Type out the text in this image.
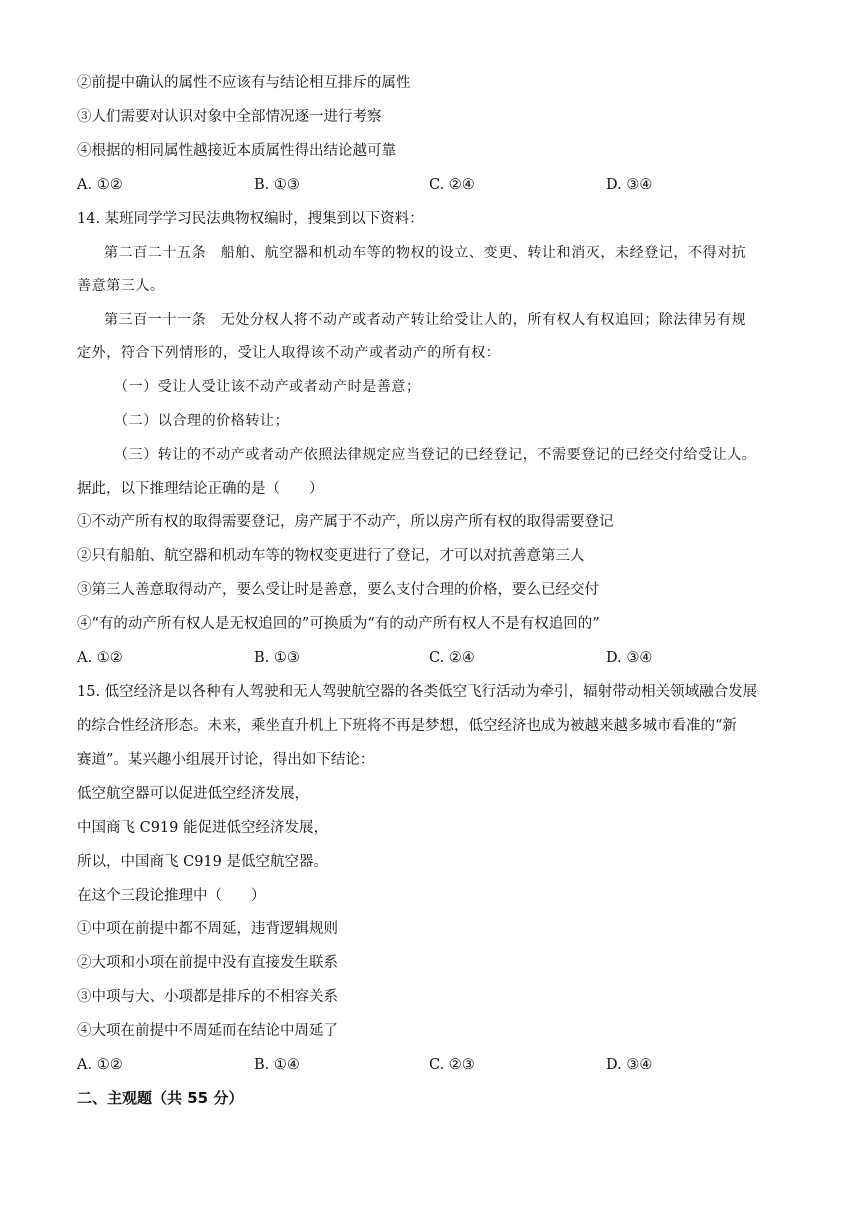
②前提中确认的属性不应该有与结论相互排斥的属性
③人们需要对认识对象中全部情况逐一进行考察
④根据的相同属性越接近本质属性得出结论越可靠
A. ①②	B. ①③	C. ②④	D. ③④
14. 某班同学学习民法典物权编时，搜集到以下资料：
第二百二十五条　船舶、航空器和机动车等的物权的设立、变更、转让和消灭，未经登记，不得对抗
善意第三人。
第三百一十一条　无处分权人将不动产或者动产转让给受让人的，所有权人有权追回；除法律另有规
定外，符合下列情形的，受让人取得该不动产或者动产的所有权：
（一）受让人受让该不动产或者动产时是善意；
（二）以合理的价格转让；
（三）转让的不动产或者动产依照法律规定应当登记的已经登记，不需要登记的已经交付给受让人。
据此，以下推理结论正确的是（　　）
①不动产所有权的取得需要登记，房产属于不动产，所以房产所有权的取得需要登记
②只有船舶、航空器和机动车等的物权变更进行了登记，才可以对抗善意第三人
③第三人善意取得动产，要么受让时是善意，要么支付合理的价格，要么已经交付
④“有的动产所有权人是无权追回的”可换质为“有的动产所有权人不是有权追回的”
A. ①②	B. ①③	C. ②④	D. ③④
15. 低空经济是以各种有人驾驶和无人驾驶航空器的各类低空飞行活动为牵引，辐射带动相关领域融合发展
的综合性经济形态。未来，乘坐直升机上下班将不再是梦想，低空经济也成为被越来越多城市看准的“新
赛道”。某兴趣小组展开讨论，得出如下结论：
低空航空器可以促进低空经济发展，
中国商飞 C919 能促进低空经济发展，
所以，中国商飞 C919 是低空航空器。
在这个三段论推理中（　　）
①中项在前提中都不周延，违背逻辑规则
②大项和小项在前提中没有直接发生联系
③中项与大、小项都是排斥的不相容关系
④大项在前提中不周延而在结论中周延了
A. ①②	B. ①④	C. ②③	D. ③④
二、主观题（共 55 分）
